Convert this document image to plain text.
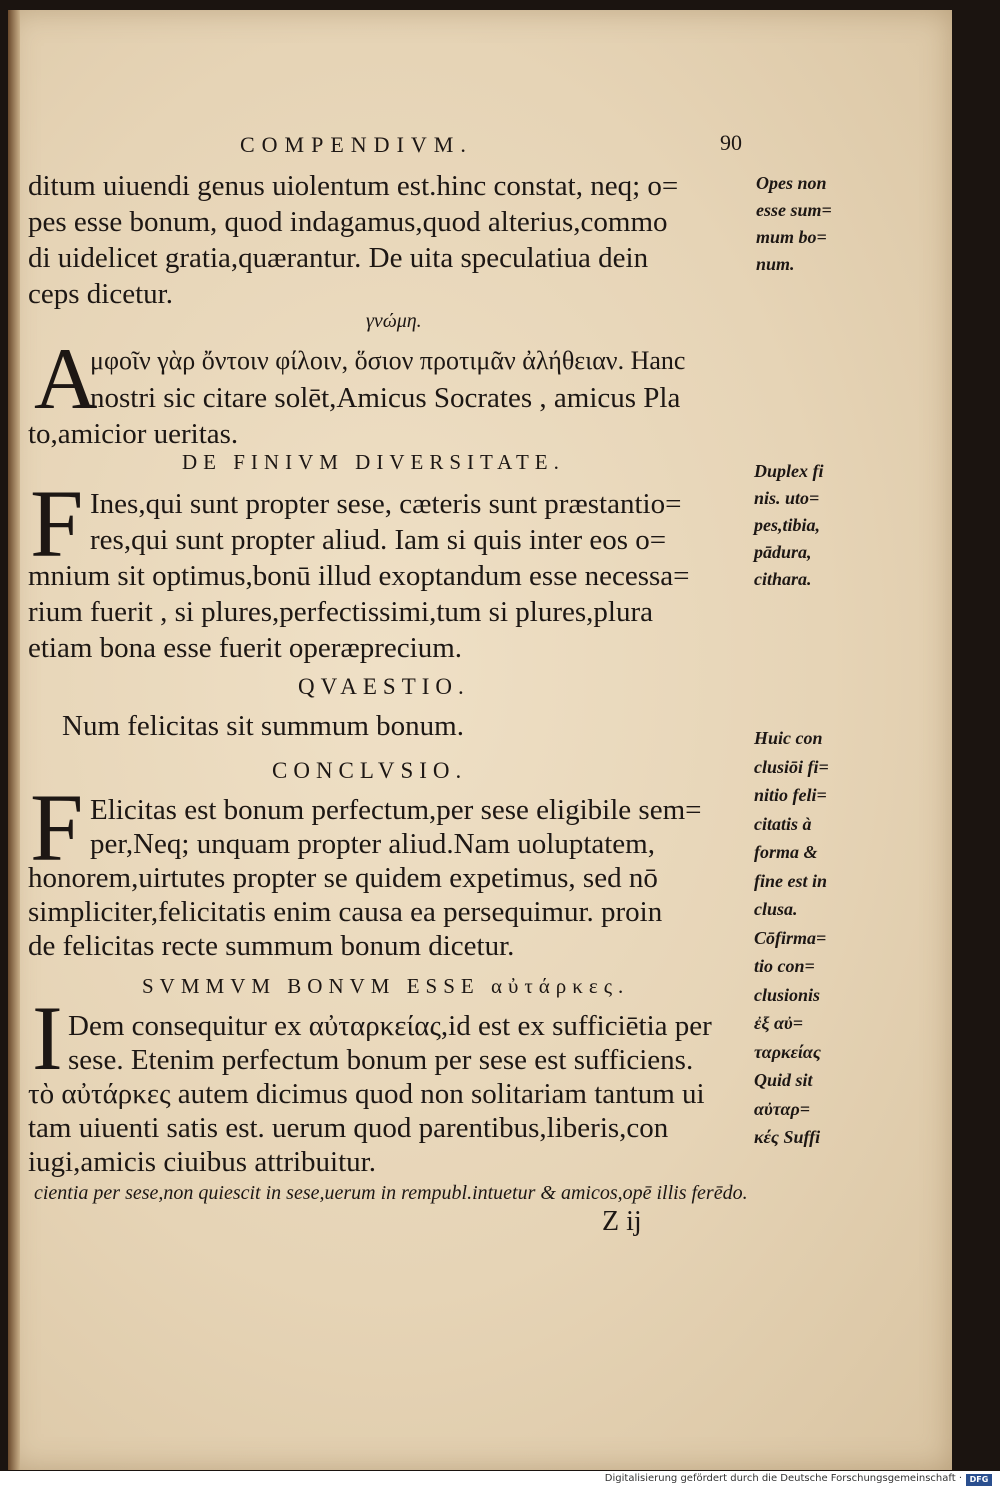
COMPENDIVM.	90
ditum uiuendi genus uiolentum est.hinc constat, neq; o=
pes esse bonum, quod indagamus,quod alterius,commo
di uidelicet gratia,quærantur. De uita speculatiua dein
ceps dicetur.
γνώμη.
A
μφοῖν γὰρ ὄντοιν φίλοιν, ὅσιον προτιμᾶν ἀλήθειαν. Hanc
nostri sic citare solēt,Amicus Socrates , amicus Pla
to,amicior ueritas.
DE FINIVM DIVERSITATE.
F Ines,qui sunt propter sese, cæteris sunt præstantio=
res,qui sunt propter aliud. Iam si quis inter eos o=
mnium sit optimus,bonū illud exoptandum esse necessa=
rium fuerit , si plures,perfectissimi,tum si plures,plura
etiam bona esse fuerit operæprecium.
QVAESTIO.
Num felicitas sit summum bonum.
CONCLVSIO.
F Elicitas est bonum perfectum,per sese eligibile sem=
per,Neq; unquam propter aliud.Nam uoluptatem,
honorem,uirtutes propter se quidem expetimus, sed nō
simpliciter,felicitatis enim causa ea persequimur. proin
de felicitas recte summum bonum dicetur.
SVMMVM BONVM ESSE αὐτάρκες.
I Dem consequitur ex αὐταρκείας,id est ex sufficiētia per
sese. Etenim perfectum bonum per sese est sufficiens.
τὸ αὐτάρκες autem dicimus quod non solitariam tantum ui
tam uiuenti satis est. uerum quod parentibus,liberis,con
iugi,amicis ciuibus attribuitur.
cientia per sese,non quiescit in sese,uerum in rempubl.intuetur & amicos,opē illis ferēdo.
Z ij
Opes non
esse sum=
mum bo=
num.
Duplex fi
nis. uto=
pes,tibia,
pādura,
cithara.
Huic con
clusiōi fi=
nitio feli=
citatis à
forma &
fine est in
clusa.
Cōfirma=
tio con=
clusionis
ἐξ αὐ=
ταρκείας
Quid sit
αὐταρ=
κές Suffi
Digitalisierung gefördert durch die Deutsche Forschungsgemeinschaft · DFG
